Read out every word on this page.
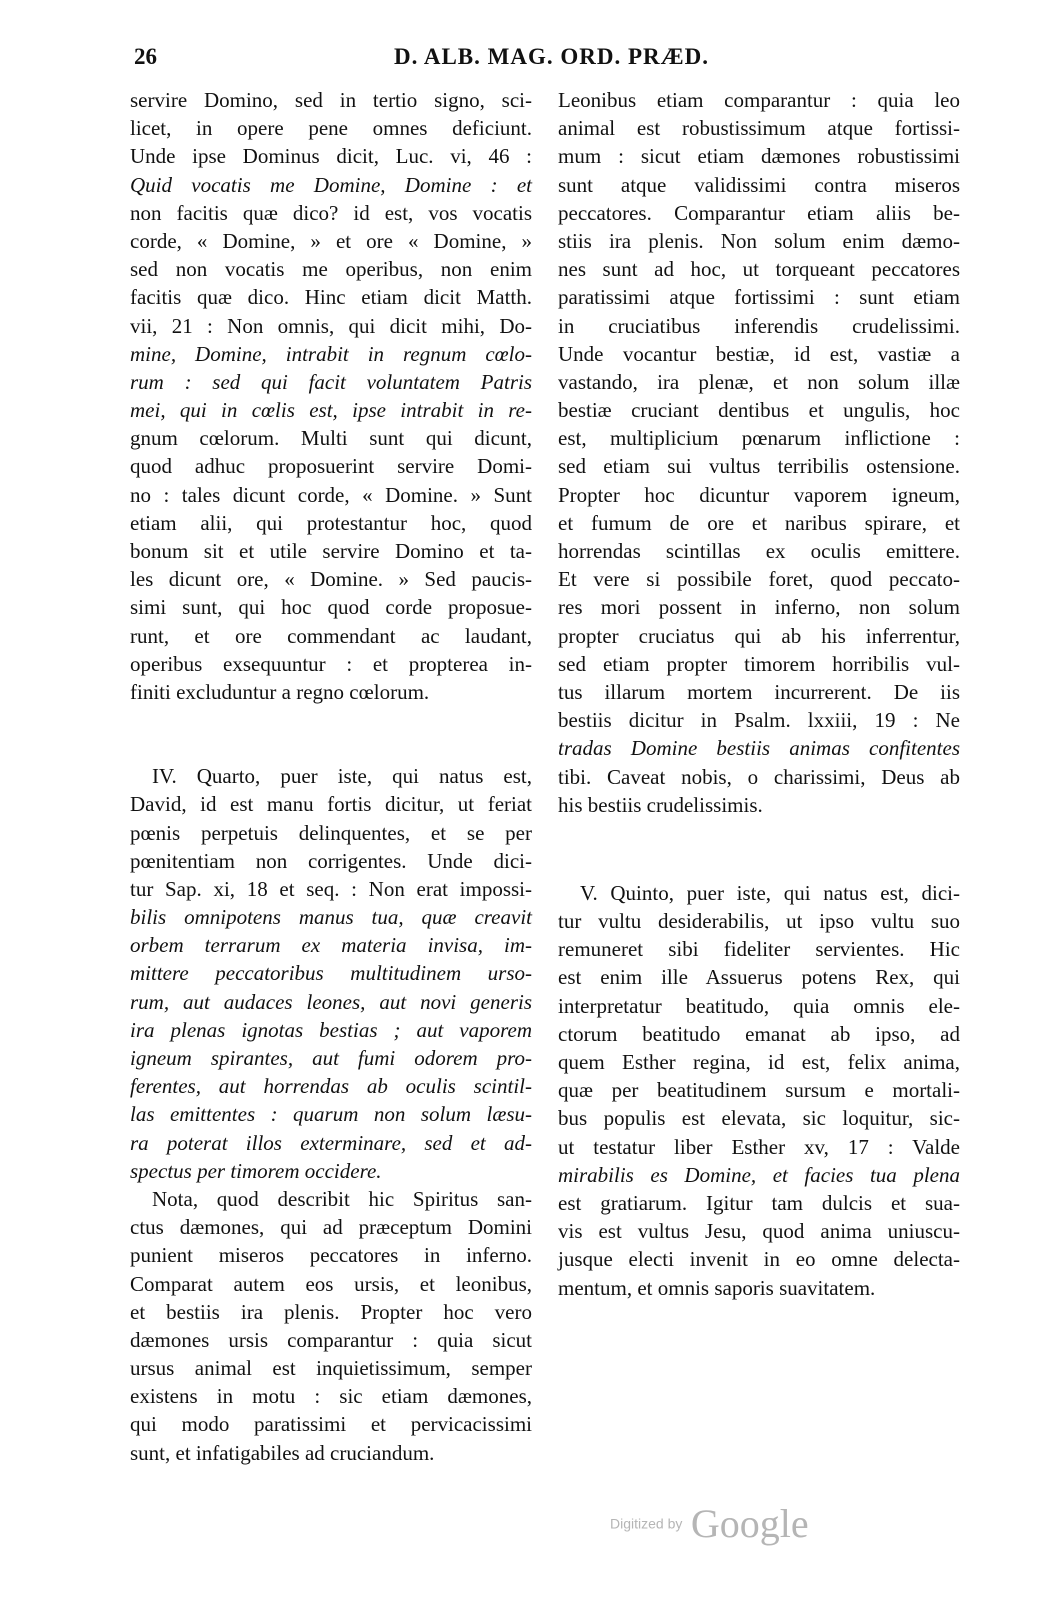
26	D. ALB. MAG. ORD. PRÆD.
servire Domino, sed in tertio signo, sci-
licet, in opere pene omnes deficiunt.
Unde ipse Dominus dicit, Luc. vi, 46 :
Quid vocatis me Domine, Domine : et
non facitis quæ dico? id est, vos vocatis
corde, « Domine, » et ore « Domine, »
sed non vocatis me operibus, non enim
facitis quæ dico. Hinc etiam dicit Matth.
vii, 21 : Non omnis, qui dicit mihi, Do-
mine, Domine, intrabit in regnum cœlo-
rum : sed qui facit voluntatem Patris
mei, qui in cœlis est, ipse intrabit in re-
gnum cœlorum. Multi sunt qui dicunt,
quod adhuc proposuerint servire Domi-
no : tales dicunt corde, « Domine. » Sunt
etiam alii, qui protestantur hoc, quod
bonum sit et utile servire Domino et ta-
les dicunt ore, « Domine. » Sed paucis-
simi sunt, qui hoc quod corde proposue-
runt, et ore commendant ac laudant,
operibus exsequuntur : et propterea in-
finiti excluduntur a regno cœlorum.
IV. Quarto, puer iste, qui natus est,
David, id est manu fortis dicitur, ut feriat
pœnis perpetuis delinquentes, et se per
pœnitentiam non corrigentes. Unde dici-
tur Sap. xi, 18 et seq. : Non erat impossi-
bilis omnipotens manus tua, quæ creavit
orbem terrarum ex materia invisa, im-
mittere peccatoribus multitudinem urso-
rum, aut audaces leones, aut novi generis
ira plenas ignotas bestias ; aut vaporem
igneum spirantes, aut fumi odorem pro-
ferentes, aut horrendas ab oculis scintil-
las emittentes : quarum non solum læsu-
ra poterat illos exterminare, sed et ad-
spectus per timorem occidere.
Nota, quod describit hic Spiritus san-
ctus dæmones, qui ad præceptum Domini
punient miseros peccatores in inferno.
Comparat autem eos ursis, et leonibus,
et bestiis ira plenis. Propter hoc vero
dæmones ursis comparantur : quia sicut
ursus animal est inquietissimum, semper
existens in motu : sic etiam dæmones,
qui modo paratissimi et pervicacissimi
sunt, et infatigabiles ad cruciandum.
Leonibus etiam comparantur : quia leo
animal est robustissimum atque fortissi-
mum : sicut etiam dæmones robustissimi
sunt atque validissimi contra miseros
peccatores. Comparantur etiam aliis be-
stiis ira plenis. Non solum enim dæmo-
nes sunt ad hoc, ut torqueant peccatores
paratissimi atque fortissimi : sunt etiam
in cruciatibus inferendis crudelissimi.
Unde vocantur bestiæ, id est, vastiæ a
vastando, ira plenæ, et non solum illæ
bestiæ cruciant dentibus et ungulis, hoc
est, multiplicium pœnarum inflictione :
sed etiam sui vultus terribilis ostensione.
Propter hoc dicuntur vaporem igneum,
et fumum de ore et naribus spirare, et
horrendas scintillas ex oculis emittere.
Et vere si possibile foret, quod peccato-
res mori possent in inferno, non solum
propter cruciatus qui ab his inferrentur,
sed etiam propter timorem horribilis vul-
tus illarum mortem incurrerent. De iis
bestiis dicitur in Psalm. lxxiii, 19 : Ne
tradas Domine bestiis animas confitentes
tibi. Caveat nobis, o charissimi, Deus ab
his bestiis crudelissimis.
V. Quinto, puer iste, qui natus est, dici-
tur vultu desiderabilis, ut ipso vultu suo
remuneret sibi fideliter servientes. Hic
est enim ille Assuerus potens Rex, qui
interpretatur beatitudo, quia omnis ele-
ctorum beatitudo emanat ab ipso, ad
quem Esther regina, id est, felix anima,
quæ per beatitudinem sursum e mortali-
bus populis est elevata, sic loquitur, sic-
ut testatur liber Esther xv, 17 : Valde
mirabilis es Domine, et facies tua plena
est gratiarum. Igitur tam dulcis et sua-
vis est vultus Jesu, quod anima uniuscu-
jusque electi invenit in eo omne delecta-
mentum, et omnis saporis suavitatem.
Digitized by Google
